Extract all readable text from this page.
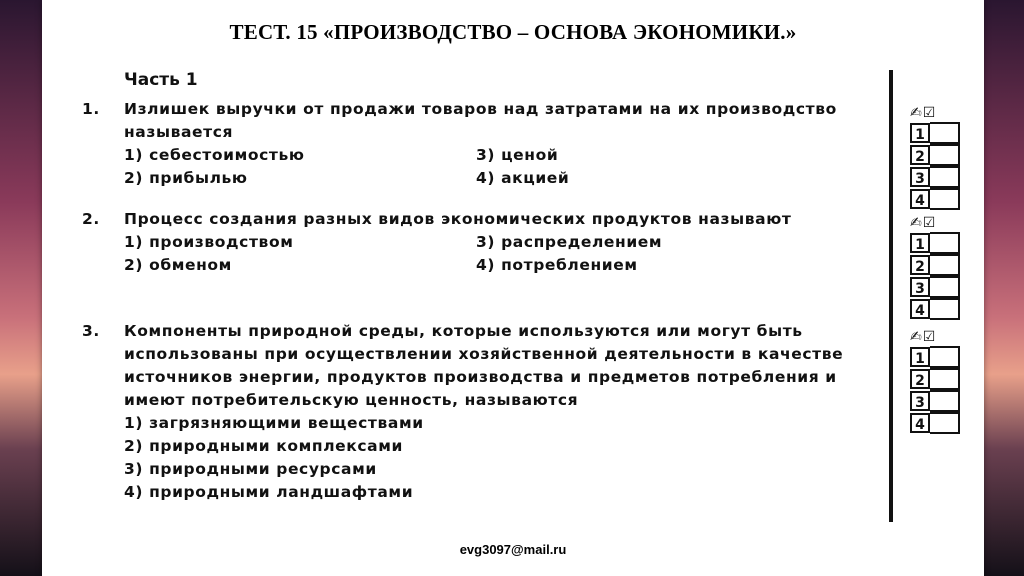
ТЕСТ. 15 «ПРОИЗВОДСТВО – ОСНОВА ЭКОНОМИКИ.»
Часть 1
1.	Излишек выручки от продажи товаров над затратами на их производство называется
1) себестоимостью	3) ценой
2) прибылью	4) акцией
2.	Процесс создания разных видов экономических продуктов называют
1) производством	3) распределением
2) обменом	4) потреблением
3.	Компоненты природной среды, которые используются или могут быть использованы при осуществлении хозяйственной деятельности в качестве источников энергии, продуктов производства и предметов потребления и имеют потребительскую ценность, называются
1) загрязняющими веществами
2) природными комплексами
3) природными ресурсами
4) природными ландшафтами
✍☑
1
2
3
4
✍☑
1
2
3
4
✍☑
1
2
3
4
evg3097@mail.ru
